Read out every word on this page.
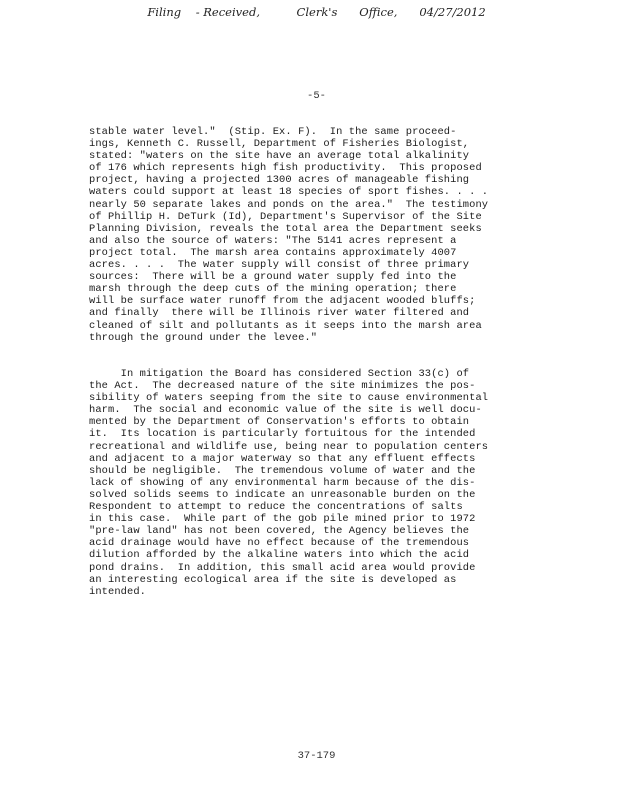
Filing    - Received,          Clerk's      Office,      04/27/2012
-5-
stable water level."  (Stip. Ex. F).  In the same proceed-
ings, Kenneth C. Russell, Department of Fisheries Biologist,
stated: "waters on the site have an average total alkalinity
of 176 which represents high fish productivity.  This proposed
project, having a projected 1300 acres of manageable fishing
waters could support at least 18 species of sport fishes. . . .
nearly 50 separate lakes and ponds on the area."  The testimony
of Phillip H. DeTurk (Id), Department's Supervisor of the Site
Planning Division, reveals the total area the Department seeks
and also the source of waters: "The 5141 acres represent a
project total.  The marsh area contains approximately 4007
acres. . . .  The water supply will consist of three primary
sources:  There will be a ground water supply fed into the
marsh through the deep cuts of the mining operation; there
will be surface water runoff from the adjacent wooded bluffs;
and finally  there will be Illinois river water filtered and
cleaned of silt and pollutants as it seeps into the marsh area
through the ground under the levee."
In mitigation the Board has considered Section 33(c) of
the Act.  The decreased nature of the site minimizes the pos-
sibility of waters seeping from the site to cause environmental
harm.  The social and economic value of the site is well docu-
mented by the Department of Conservation's efforts to obtain
it.  Its location is particularly fortuitous for the intended
recreational and wildlife use, being near to population centers
and adjacent to a major waterway so that any effluent effects
should be negligible.  The tremendous volume of water and the
lack of showing of any environmental harm because of the dis-
solved solids seems to indicate an unreasonable burden on the
Respondent to attempt to reduce the concentrations of salts
in this case.  While part of the gob pile mined prior to 1972
"pre-law land" has not been covered, the Agency believes the
acid drainage would have no effect because of the tremendous
dilution afforded by the alkaline waters into which the acid
pond drains.  In addition, this small acid area would provide
an interesting ecological area if the site is developed as
intended.
37-179
